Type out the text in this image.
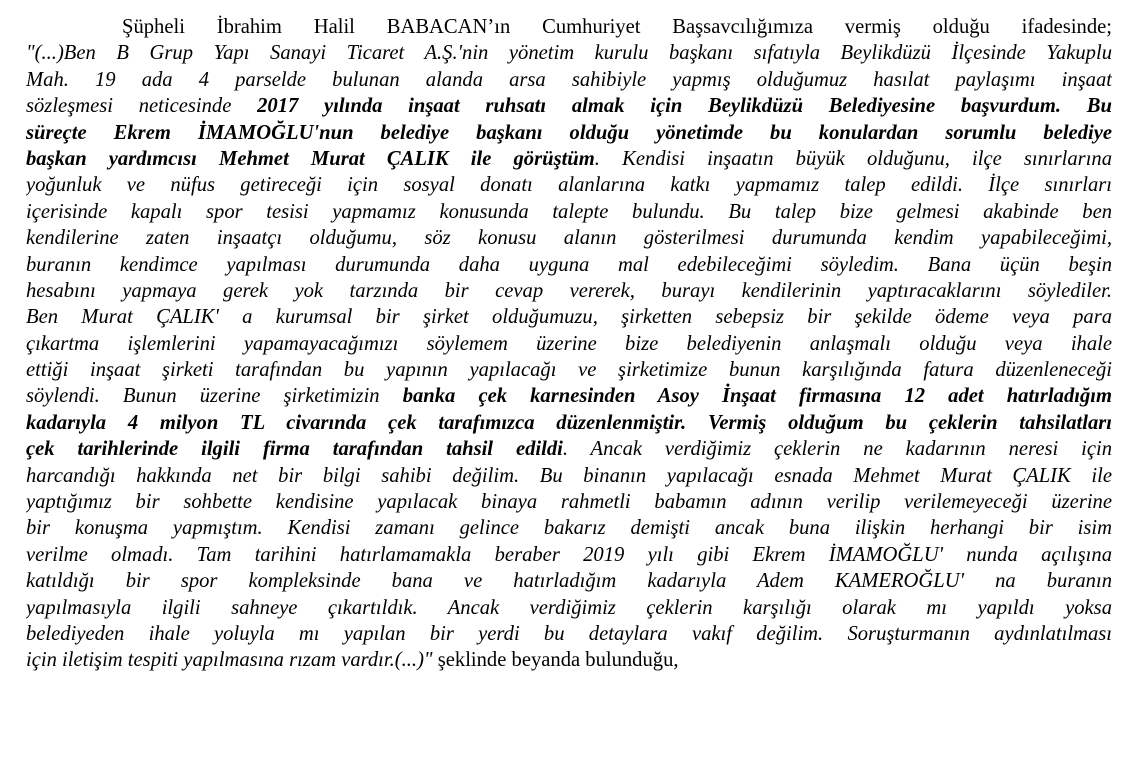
Şüpheli İbrahim Halil BABACAN’ın Cumhuriyet Başsavcılığımıza vermiş olduğu ifadesinde;
"(...)Ben B Grup Yapı Sanayi Ticaret A.Ş.'nin yönetim kurulu başkanı sıfatıyla Beylikdüzü İlçesinde Yakuplu
Mah. 19 ada 4 parselde bulunan alanda arsa sahibiyle yapmış olduğumuz hasılat paylaşımı inşaat
sözleşmesi neticesinde 2017 yılında inşaat ruhsatı almak için Beylikdüzü Belediyesine başvurdum. Bu
süreçte Ekrem İMAMOĞLU'nun belediye başkanı olduğu yönetimde bu konulardan sorumlu belediye
başkan yardımcısı Mehmet Murat ÇALIK ile görüştüm. Kendisi inşaatın büyük olduğunu, ilçe sınırlarına
yoğunluk ve nüfus getireceği için sosyal donatı alanlarına katkı yapmamız talep edildi. İlçe sınırları
içerisinde kapalı spor tesisi yapmamız konusunda talepte bulundu. Bu talep bize gelmesi akabinde ben
kendilerine zaten inşaatçı olduğumu, söz konusu alanın gösterilmesi durumunda kendim yapabileceğimi,
buranın kendimce yapılması durumunda daha uyguna mal edebileceğimi söyledim. Bana üçün beşin
hesabını yapmaya gerek yok tarzında bir cevap vererek, burayı kendilerinin yaptıracaklarını söylediler.
Ben Murat ÇALIK' a kurumsal bir şirket olduğumuzu, şirketten sebepsiz bir şekilde ödeme veya para
çıkartma işlemlerini yapamayacağımızı söylemem üzerine bize belediyenin anlaşmalı olduğu veya ihale
ettiği inşaat şirketi tarafından bu yapının yapılacağı ve şirketimize bunun karşılığında fatura düzenleneceği
söylendi. Bunun üzerine şirketimizin banka çek karnesinden Asoy İnşaat firmasına 12 adet hatırladığım
kadarıyla 4 milyon TL civarında çek tarafımızca düzenlenmiştir. Vermiş olduğum bu çeklerin tahsilatları
çek tarihlerinde ilgili firma tarafından tahsil edildi. Ancak verdiğimiz çeklerin ne kadarının neresi için
harcandığı hakkında net bir bilgi sahibi değilim. Bu binanın yapılacağı esnada Mehmet Murat ÇALIK ile
yaptığımız bir sohbette kendisine yapılacak binaya rahmetli babamın adının verilip verilemeyeceği üzerine
bir konuşma yapmıştım. Kendisi zamanı gelince bakarız demişti ancak buna ilişkin herhangi bir isim
verilme olmadı. Tam tarihini hatırlamamakla beraber 2019 yılı gibi Ekrem İMAMOĞLU' nunda açılışına
katıldığı bir spor kompleksinde bana ve hatırladığım kadarıyla Adem KAMEROĞLU' na buranın
yapılmasıyla ilgili sahneye çıkartıldık. Ancak verdiğimiz çeklerin karşılığı olarak mı yapıldı yoksa
belediyeden ihale yoluyla mı yapılan bir yerdi bu detaylara vakıf değilim. Soruşturmanın aydınlatılması
için iletişim tespiti yapılmasına rızam vardır.(...)" şeklinde beyanda bulunduğu,
